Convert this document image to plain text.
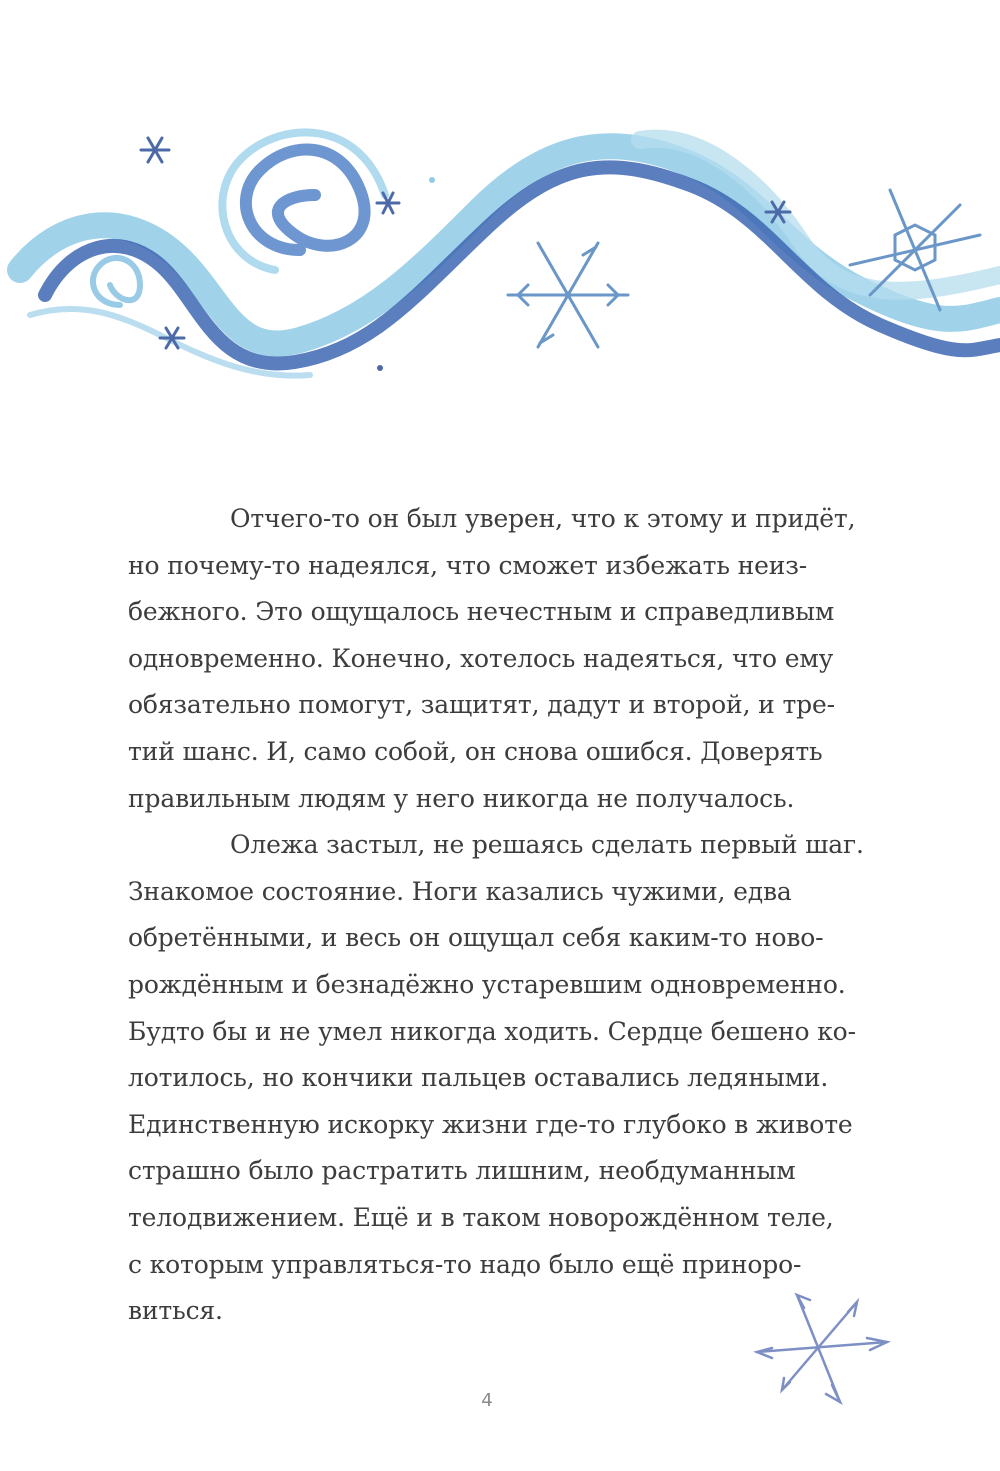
Отчего-то он был уверен, что к этому и придёт,
но почему-то надеялся, что сможет избежать неиз-
бежного. Это ощущалось нечестным и справедливым
одновременно. Конечно, хотелось надеяться, что ему
обязательно помогут, защитят, дадут и второй, и тре-
тий шанс. И, само собой, он снова ошибся. Доверять
правильным людям у него никогда не получалось.
Олежа застыл, не решаясь сделать первый шаг.
Знакомое состояние. Ноги казались чужими, едва
обретёнными, и весь он ощущал себя каким-то ново-
рождённым и безнадёжно устаревшим одновременно.
Будто бы и не умел никогда ходить. Сердце бешено ко-
лотилось, но кончики пальцев оставались ледяными.
Единственную искорку жизни где-то глубоко в животе
страшно было растратить лишним, необдуманным
телодвижением. Ещё и в таком новорождённом теле,
с которым управляться-то надо было ещё приноро-
виться.
4
